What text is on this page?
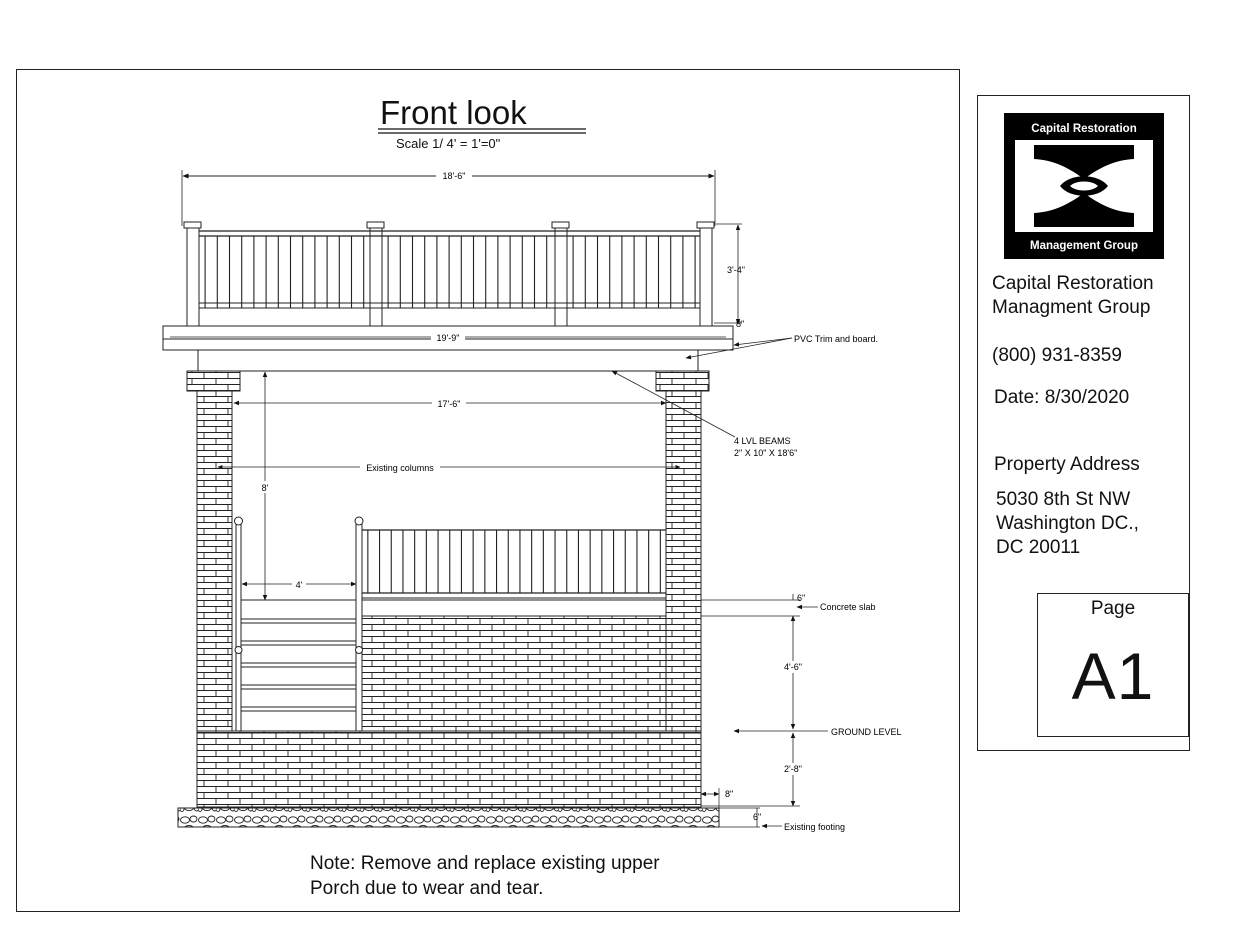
Front look
Scale 1/ 4' = 1'=0"
18'-6"
19'-9"
3'-4"
8"
PVC Trim and board.
17'-6"
Existing columns
4 LVL BEAMS
2" X 10" X 18'6"
8'
4'
6"
Concrete slab
4'-6"
GROUND LEVEL
2'-8"
8"
6"
Existing footing
Note: Remove and replace existing upper
Porch due to wear and tear.
Capital Restoration
Management Group
Capital Restoration
Managment Group
(800) 931-8359
Date: 8/30/2020
Property Address
5030 8th St NW
Washington DC.,
DC 20011
Page
A1
